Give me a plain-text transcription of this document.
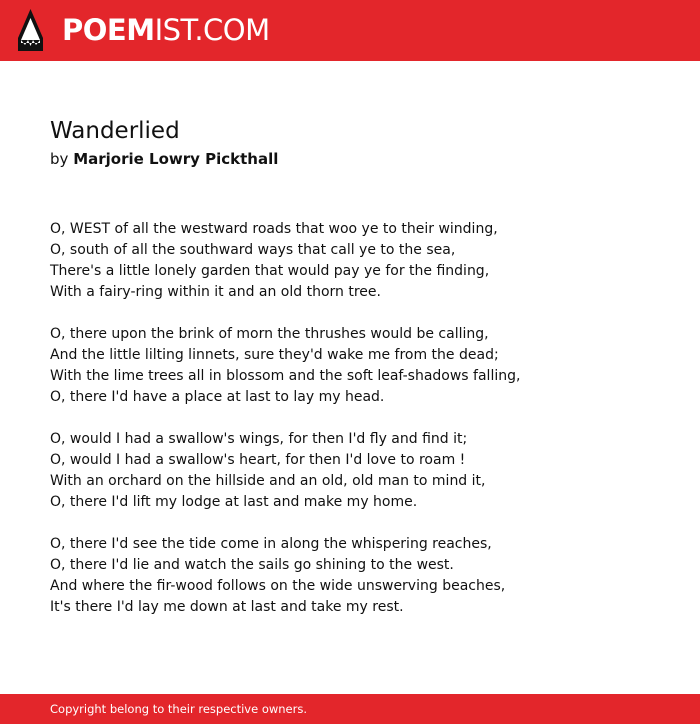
POEMIST.COM
Wanderlied
by Marjorie Lowry Pickthall
O, WEST of all the westward roads that woo ye to their winding,
O, south of all the southward ways that call ye to the sea,
There's a little lonely garden that would pay ye for the finding,
With a fairy-ring within it and an old thorn tree.
O, there upon the brink of morn the thrushes would be calling,
And the little lilting linnets, sure they'd wake me from the dead;
With the lime trees all in blossom and the soft leaf-shadows falling,
O, there I'd have a place at last to lay my head.
O, would I had a swallow's wings, for then I'd fly and find it;
O, would I had a swallow's heart, for then I'd love to roam !
With an orchard on the hillside and an old, old man to mind it,
O, there I'd lift my lodge at last and make my home.
O, there I'd see the tide come in along the whispering reaches,
O, there I'd lie and watch the sails go shining to the west.
And where the fir-wood follows on the wide unswerving beaches,
It's there I'd lay me down at last and take my rest.
Copyright belong to their respective owners.
